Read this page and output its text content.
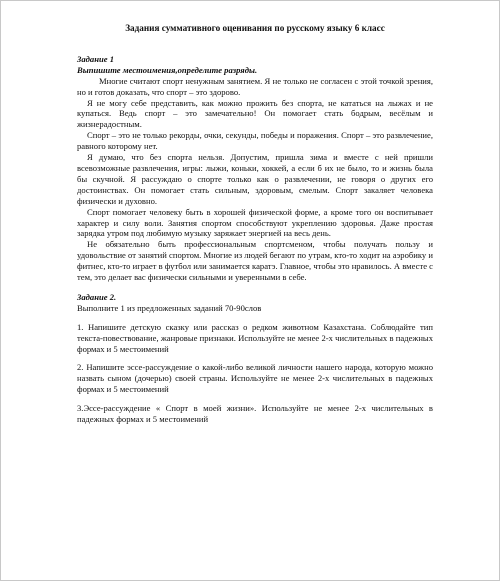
Задания суммативного оценивания по русскому языку 6 класс

Задание 1

Выпишите местоимения,определите разряды.

Многие считают спорт ненужным занятием. Я не только не согласен с этой точкой зрения, но и готов доказать, что спорт – это здорово.

Я не могу себе представить, как можно прожить без спорта, не кататься на лыжах и не купаться. Ведь спорт – это замечательно! Он помогает стать бодрым, весёлым и жизнерадостным.

Спорт – это не только рекорды, очки, секунды, победы и поражения. Спорт – это развлечение, равного которому нет.

Я думаю, что без спорта нельзя. Допустим, пришла зима и вместе с ней пришли всевозможные развлечения, игры: лыжи, коньки, хоккей, а если б их не было, то и жизнь была бы скучной. Я рассуждаю о спорте только как о развлечении, не говоря о других его достоинствах. Он помогает стать сильным, здоровым, смелым. Спорт закаляет человека физически и духовно.

Спорт помогает человеку быть в хорошей физической форме, а кроме того он воспитывает характер и силу воли. Занятия спортом способствуют укреплению здоровья. Даже простая зарядка утром под любимую музыку заряжает энергией на весь день.

Не обязательно быть профессиональным спортсменом, чтобы получать пользу и удовольствие от занятий спортом. Многие из людей бегают по утрам, кто-то ходит на аэробику и фитнес, кто-то играет в футбол или занимается каратэ. Главное, чтобы это нравилось. А вместе с тем, это делает вас физически сильными и уверенными в себе.

Задание 2.

Выполните 1 из предложенных заданий 70-90слов

1. Напишите детскую сказку или рассказ о редком животном Казахстана. Соблюдайте тип текста-повествование, жанровые признаки. Используйте не менее 2-х числительных в падежных формах и 5 местоимений

2. Напишите эссе-рассуждение о какой-либо великой личности нашего народа, которую можно назвать сыном (дочерью) своей страны. Используйте не менее 2-х числительных в падежных формах и 5 местоимений

3.Эссе-рассуждение « Спорт в моей жизни». Используйте не менее 2-х числительных в падежных формах и 5 местоимений
